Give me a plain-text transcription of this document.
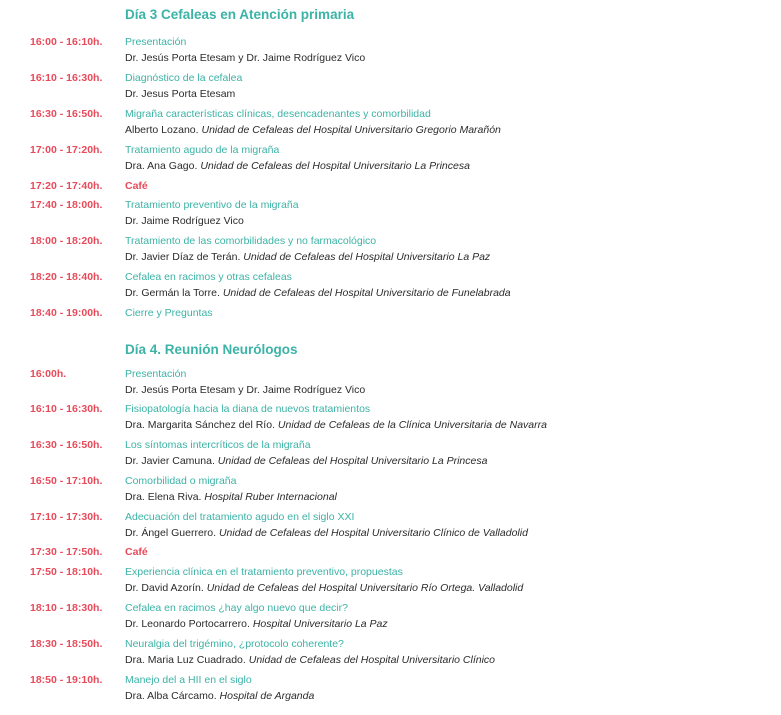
Día 3 Cefaleas en Atención primaria
16:00 - 16:10h. Presentación
Dr. Jesús Porta Etesam y Dr. Jaime Rodríguez Vico
16:10 - 16:30h. Diagnóstico de la cefalea
Dr. Jesus Porta Etesam
16:30 - 16:50h. Migraña características clínicas, desencadenantes y comorbilidad
Alberto Lozano. Unidad de Cefaleas del Hospital Universitario Gregorio Marañón
17:00 - 17:20h. Tratamiento agudo de la migraña
Dra. Ana Gago. Unidad de Cefaleas del Hospital Universitario La Princesa
17:20 - 17:40h. Café
17:40 - 18:00h. Tratamiento preventivo de la migraña
Dr. Jaime Rodríguez Vico
18:00 - 18:20h. Tratamiento de las comorbilidades y no farmacológico
Dr. Javier Díaz de Terán. Unidad de Cefaleas del Hospital Universitario La Paz
18:20 - 18:40h. Cefalea en racimos y otras cefaleas
Dr. Germán la Torre. Unidad de Cefaleas del Hospital Universitario de Funelabrada
18:40 - 19:00h. Cierre y Preguntas
Día 4. Reunión Neurólogos
16:00h.	Presentación
Dr. Jesús Porta Etesam y Dr. Jaime Rodríguez Vico
16:10 - 16:30h. Fisiopatología hacia la diana de nuevos tratamientos
Dra. Margarita Sánchez del Río. Unidad de Cefaleas de la Clínica Universitaria de Navarra
16:30 - 16:50h. Los síntomas intercríticos de la migraña
Dr. Javier Camuna. Unidad de Cefaleas del Hospital Universitario La Princesa
16:50 - 17:10h. Comorbilidad o migraña
Dra. Elena Riva. Hospital Ruber Internacional
17:10 - 17:30h. Adecuación del tratamiento agudo en el siglo XXI
Dr. Ángel Guerrero. Unidad de Cefaleas del Hospital Universitario Clínico de Valladolid
17:30 - 17:50h. Café
17:50 - 18:10h. Experiencia clínica en el tratamiento preventivo, propuestas
Dr. David Azorín. Unidad de Cefaleas del Hospital Universitario Río Ortega. Valladolid
18:10 - 18:30h. Cefalea en racimos ¿hay algo nuevo que decir?
Dr. Leonardo Portocarrero. Hospital Universitario La Paz
18:30 - 18:50h. Neuralgia del trigémino, ¿protocolo coherente?
Dra. Maria Luz Cuadrado. Unidad de Cefaleas del Hospital Universitario Clínico
18:50 - 19:10h. Manejo del a HII en el siglo
Dra. Alba Cárcamo. Hospital de Arganda
